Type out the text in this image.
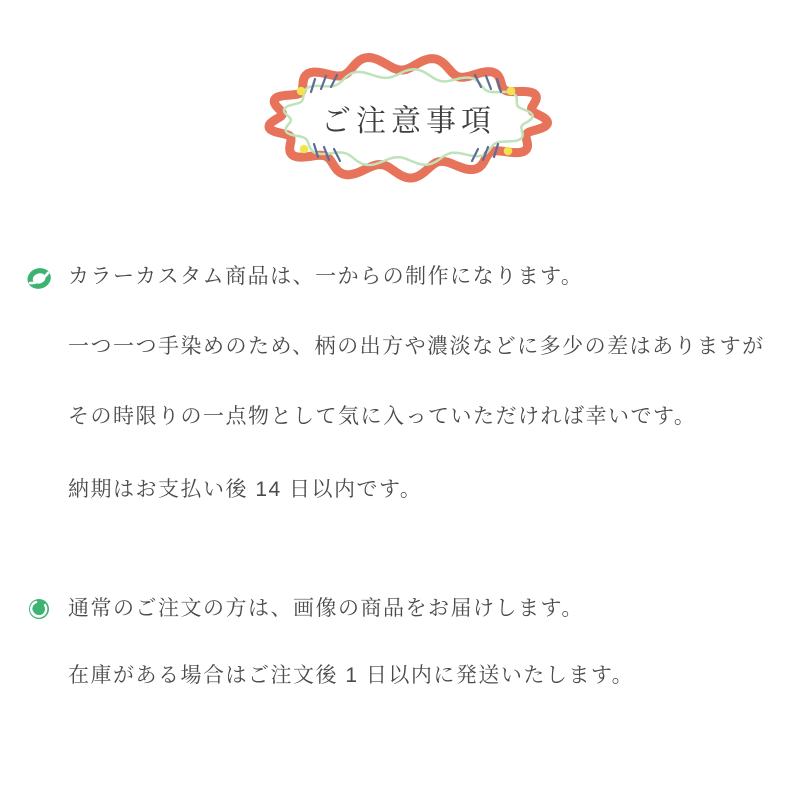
ご注意事項

カラーカスタム商品は、一からの制作になります。

一つ一つ手染めのため、柄の出方や濃淡などに多少の差はありますが

その時限りの一点物として気に入っていただければ幸いです。

納期はお支払い後 14 日以内です。

通常のご注文の方は、画像の商品をお届けします。

在庫がある場合はご注文後 1 日以内に発送いたします。
